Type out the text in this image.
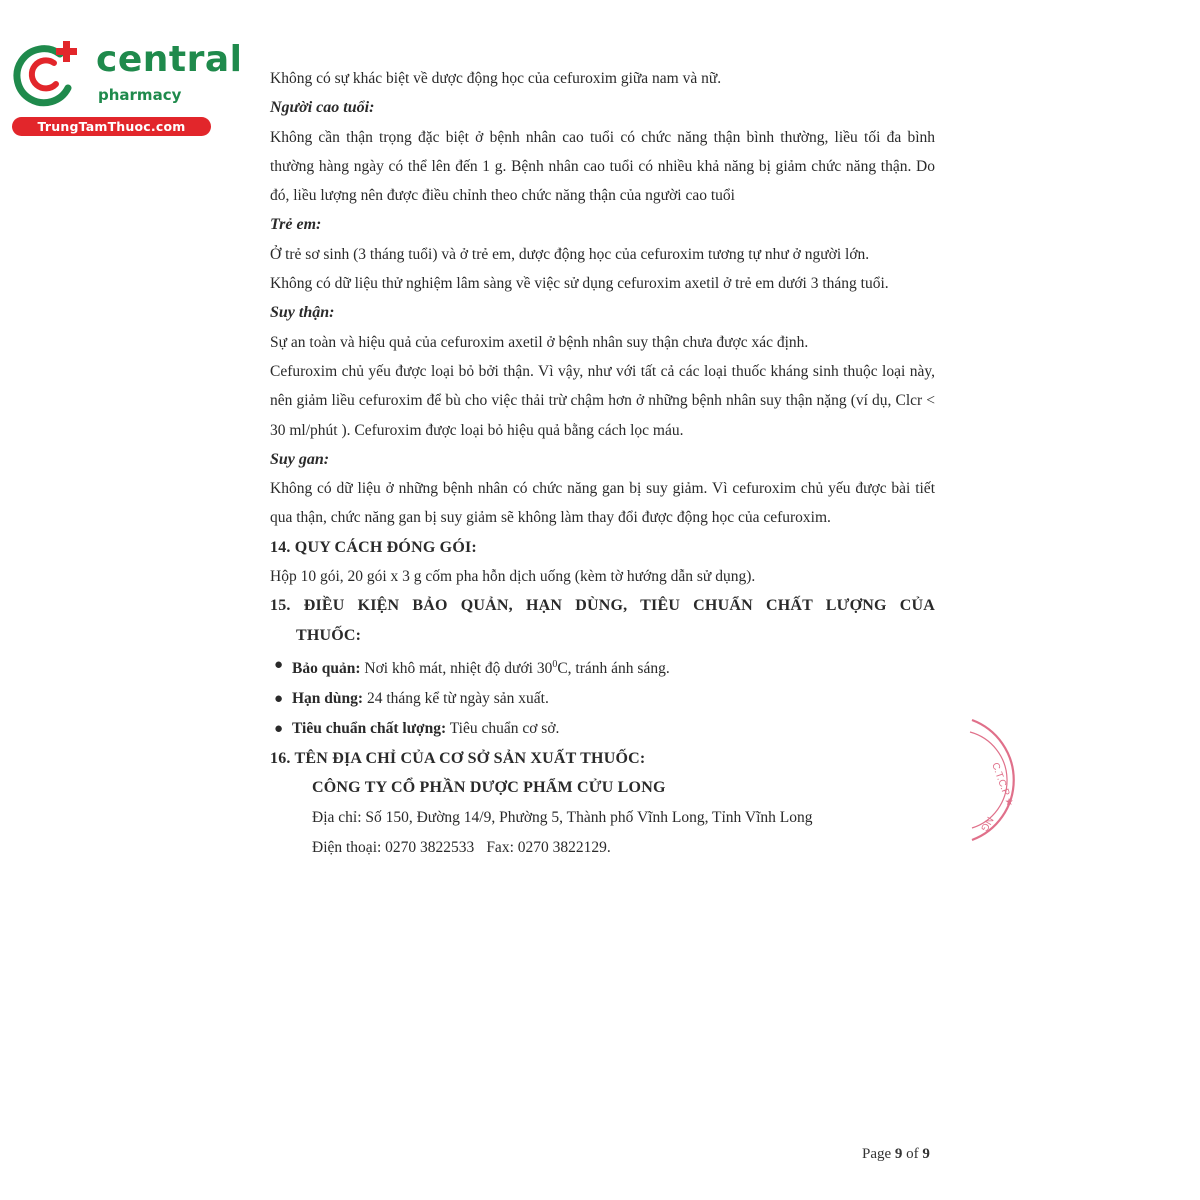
central
pharmacy
TrungTamThuoc.com

Không có sự khác biệt về dược động học của cefuroxim giữa nam và nữ.

Người cao tuổi:

Không cần thận trọng đặc biệt ở bệnh nhân cao tuổi có chức năng thận bình thường, liều tối đa bình thường hàng ngày có thể lên đến 1 g. Bệnh nhân cao tuổi có nhiều khả năng bị giảm chức năng thận. Do đó, liều lượng nên được điều chỉnh theo chức năng thận của người cao tuổi

Trẻ em:

Ở trẻ sơ sinh (3 tháng tuổi) và ở trẻ em, dược động học của cefuroxim tương tự như ở người lớn.

Không có dữ liệu thử nghiệm lâm sàng về việc sử dụng cefuroxim axetil ở trẻ em dưới 3 tháng tuổi.

Suy thận:

Sự an toàn và hiệu quả của cefuroxim axetil ở bệnh nhân suy thận chưa được xác định.

Cefuroxim chủ yếu được loại bỏ bởi thận. Vì vậy, như với tất cả các loại thuốc kháng sinh thuộc loại này, nên giảm liều cefuroxim để bù cho việc thải trừ chậm hơn ở những bệnh nhân suy thận nặng (ví dụ, Clcr < 30 ml/phút ). Cefuroxim được loại bỏ hiệu quả bằng cách lọc máu.

Suy gan:

Không có dữ liệu ở những bệnh nhân có chức năng gan bị suy giảm. Vì cefuroxim chủ yếu được bài tiết qua thận, chức năng gan bị suy giảm sẽ không làm thay đổi được động học của cefuroxim.

14. QUY CÁCH ĐÓNG GÓI:

Hộp 10 gói, 20 gói x 3 g cốm pha hỗn dịch uống (kèm tờ hướng dẫn sử dụng).

15. ĐIỀU KIỆN BẢO QUẢN, HẠN DÙNG, TIÊU CHUẨN CHẤT LƯỢNG CỦA
THUỐC:
● Bảo quản: Nơi khô mát, nhiệt độ dưới $30^0C$, tránh ánh sáng.
● Hạn dùng: 24 tháng kể từ ngày sản xuất.
● Tiêu chuẩn chất lượng: Tiêu chuẩn cơ sở.
16. TÊN ĐỊA CHỈ CỦA CƠ SỞ SẢN XUẤT THUỐC:
CÔNG TY CỔ PHẦN DƯỢC PHẨM CỬU LONG
Địa chỉ: Số 150, Đường 14/9, Phường 5, Thành phố Vĩnh Long, Tỉnh Vĩnh Long
Điện thoại: 0270 3822533 Fax: 0270 3822129.
C.T.C.P ★
NG
Page 9 of 9
